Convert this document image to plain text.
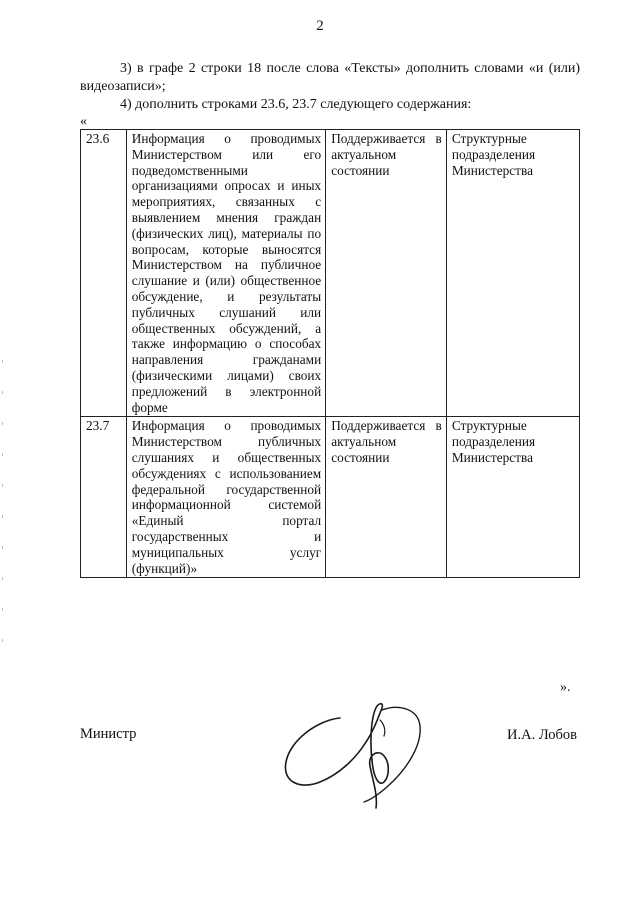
2
3) в графе 2 строки 18 после слова «Тексты» дополнить словами «и (или) видеозаписи»;
4) дополнить строками 23.6, 23.7 следующего содержания:
«
23.6	Информация о проводимых Министерством или его подведомственными организациями опросах и иных мероприятиях, связанных с выявлением мнения граждан (физических лиц), материалы по вопросам, которые выносятся Министерством на публичное слушание и (или) общественное обсуждение, и результаты публичных слушаний или общественных обсуждений, а также информацию о способах направления гражданами (физическими лицами) своих предложений в электронной форме	Поддерживается в актуальном состоянии	Структурные подразделения Министерства
23.7	Информация о проводимых Министерством публичных слушаниях и общественных обсуждениях с использованием федеральной государственной информационной системой «Единый портал государственных и муниципальных услуг (функций)»	Поддерживается в актуальном состоянии	Структурные подразделения Министерства
».
Министр	И.А. Лобов
